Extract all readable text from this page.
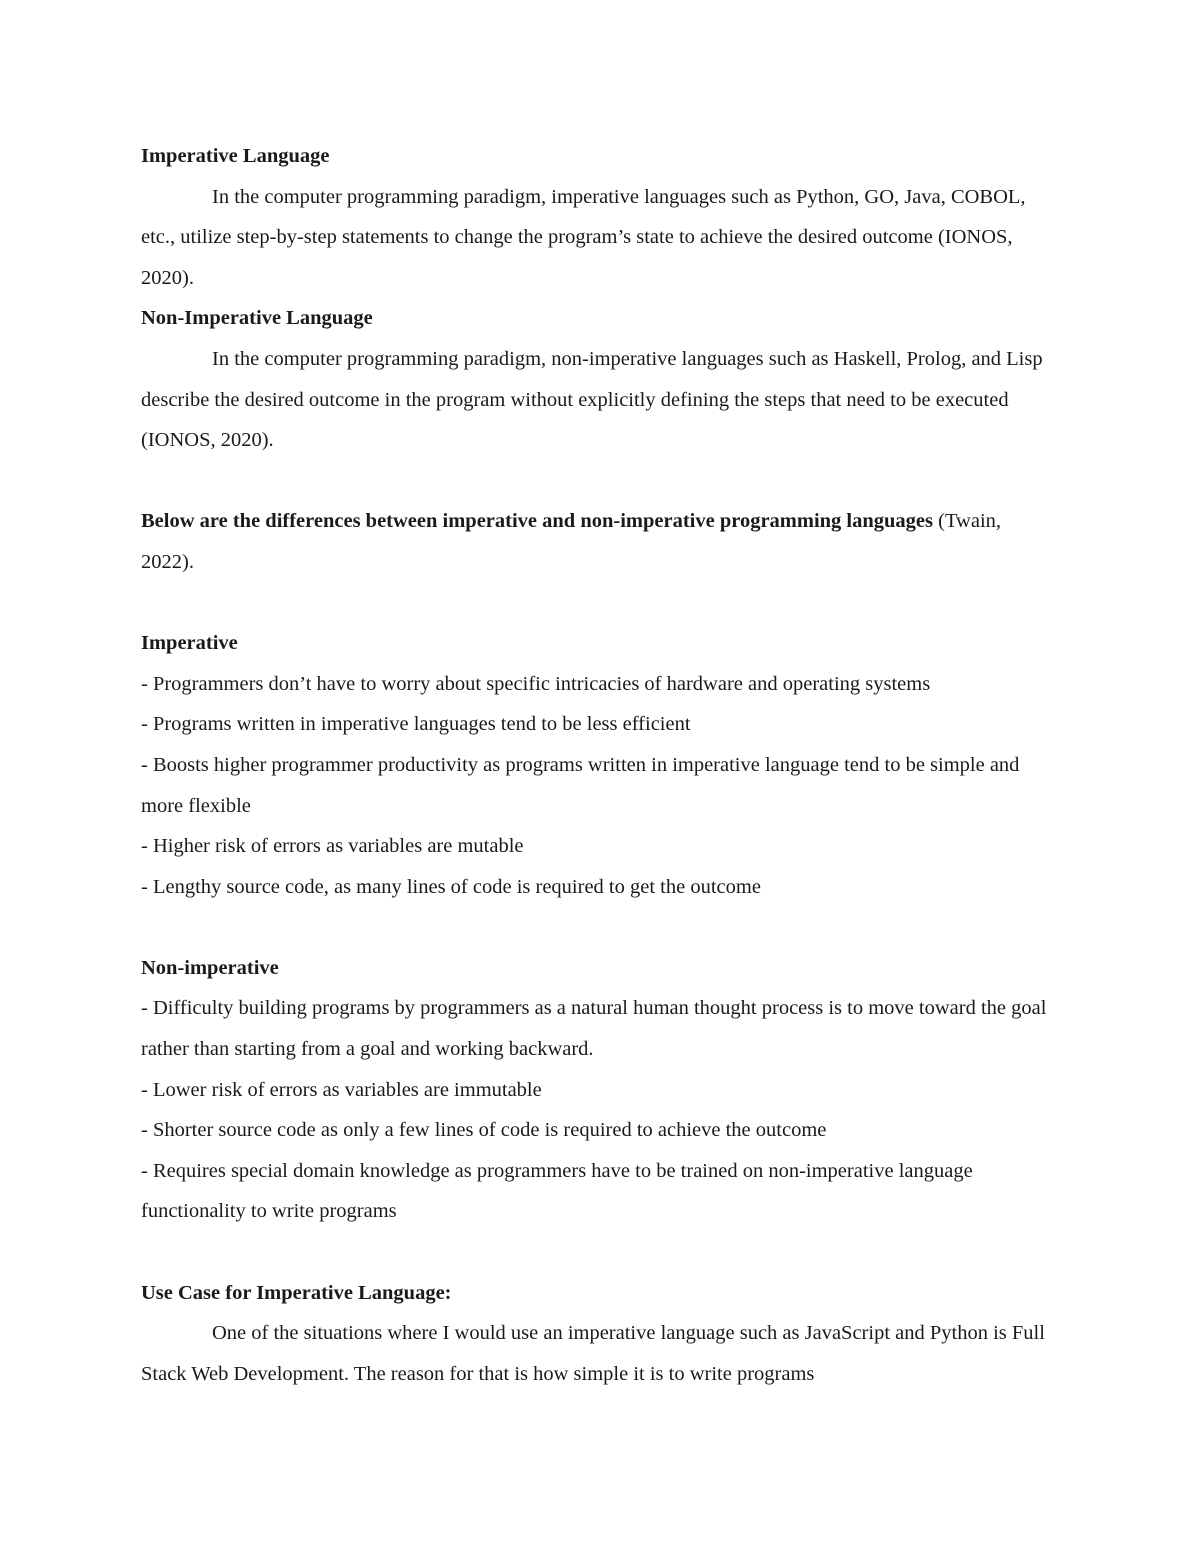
Imperative Language

In the computer programming paradigm, imperative languages such as Python, GO, Java, COBOL, etc., utilize step-by-step statements to change the program’s state to achieve the desired outcome (IONOS, 2020).

Non-Imperative Language

In the computer programming paradigm, non-imperative languages such as Haskell, Prolog, and Lisp describe the desired outcome in the program without explicitly defining the steps that need to be executed (IONOS, 2020).

Below are the differences between imperative and non-imperative programming languages (Twain, 2022).

Imperative

- Programmers don’t have to worry about specific intricacies of hardware and operating systems

- Programs written in imperative languages tend to be less efficient

- Boosts higher programmer productivity as programs written in imperative language tend to be simple and more flexible

- Higher risk of errors as variables are mutable

- Lengthy source code, as many lines of code is required to get the outcome

Non-imperative

- Difficulty building programs by programmers as a natural human thought process is to move toward the goal rather than starting from a goal and working backward.

- Lower risk of errors as variables are immutable

- Shorter source code as only a few lines of code is required to achieve the outcome

- Requires special domain knowledge as programmers have to be trained on non-imperative language functionality to write programs

Use Case for Imperative Language:

One of the situations where I would use an imperative language such as JavaScript and Python is Full Stack Web Development. The reason for that is how simple it is to write programs
